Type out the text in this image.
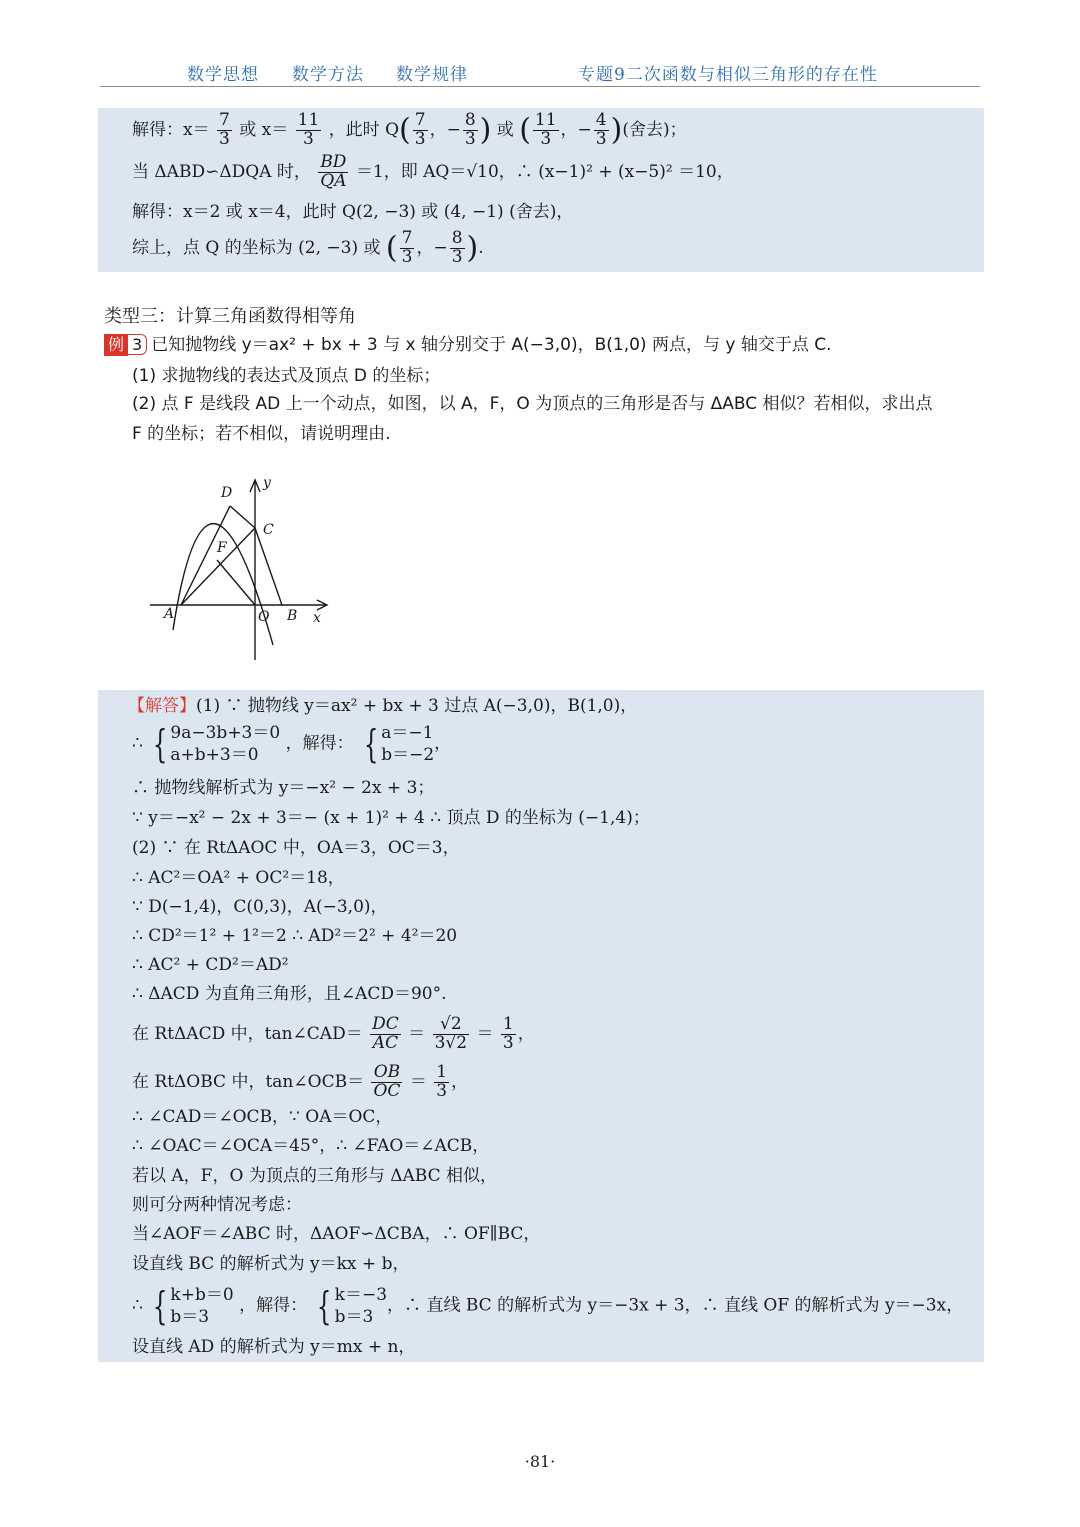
数学思想 数学方法 数学规律	专题9二次函数与相似三角形的存在性
解得：$x= \frac{7}{3}$ 或 $x= \frac{11}{3}$ ，此时 $Q( \frac{7}{3}$ ，− $\frac{8}{3}$ ) 或 ( $\frac{11}{3}$ ，− $\frac{4}{3}$ )(舍去)；
当 ΔABD∽ΔDQA 时， $\frac{BD}{QA} =1$，即 AQ＝√10，∴ (x−1)² + (x−5)² ＝10，
解得：x＝2 或 x＝4，此时 Q(2, −3) 或 (4, −1) (舍去)，
综上，点 Q 的坐标为 (2, −3) 或 ( $\frac{7}{3}$ ，− $\frac{8}{3}$ ).
类型三：计算三角函数得相等角
例 3 已知抛物线 y＝ax² + bx + 3 与 x 轴分别交于 A(−3,0)，B(1,0) 两点，与 y 轴交于点 C.
(1) 求抛物线的表达式及顶点 D 的坐标；
(2) 点 F 是线段 AD 上一个动点，如图，以 A，F，O 为顶点的三角形是否与 ΔABC 相似？若相似，求出点
F 的坐标；若不相似，请说明理由.
D
y
C
F
A	O B x
【解答】(1) ∵ 抛物线 y＝ax² + bx + 3 过点 A(−3,0)，B(1,0)，
∴ { 9a−3b+3＝0
a+b+3＝0
，解得： { a＝−1
b＝−2
，
∴ 抛物线解析式为 y＝−x² − 2x + 3；
∵ y＝−x² − 2x + 3＝− (x + 1)² + 4 ∴ 顶点 D 的坐标为 (−1,4)；
(2) ∵ 在 RtΔAOC 中，OA＝3，OC＝3，
∴ AC²＝OA² + OC²＝18，
∵ D(−1,4)，C(0,3)，A(−3,0)，
∴ CD²＝1² + 1²＝2 ∴ AD²＝2² + 4²＝20
∴ AC² + CD²＝AD²
∴ ΔACD 为直角三角形，且∠ACD＝90°.
在 RtΔACD 中，tan∠CAD＝ $\frac{DC}{AC} = \frac{√2}{3√2} = \frac{1}{3}$ ，
在 RtΔOBC 中，tan∠OCB＝ $\frac{OB}{OC} = \frac{1}{3}$ ，
∴ ∠CAD＝∠OCB，∵ OA＝OC，
∴ ∠OAC＝∠OCA＝45°，∴ ∠FAO＝∠ACB，
若以 A，F，O 为顶点的三角形与 ΔABC 相似，
则可分两种情况考虑：
当∠AOF＝∠ABC 时，ΔAOF∽ΔCBA，∴ OF∥BC，
设直线 BC 的解析式为 y＝kx + b，
∴ { k+b＝0
b＝3
，解得： { k＝−3
b＝3
，∴ 直线 BC 的解析式为 y＝−3x + 3，∴ 直线 OF 的解析式为 y＝−3x，
设直线 AD 的解析式为 y＝mx + n，
·81·
